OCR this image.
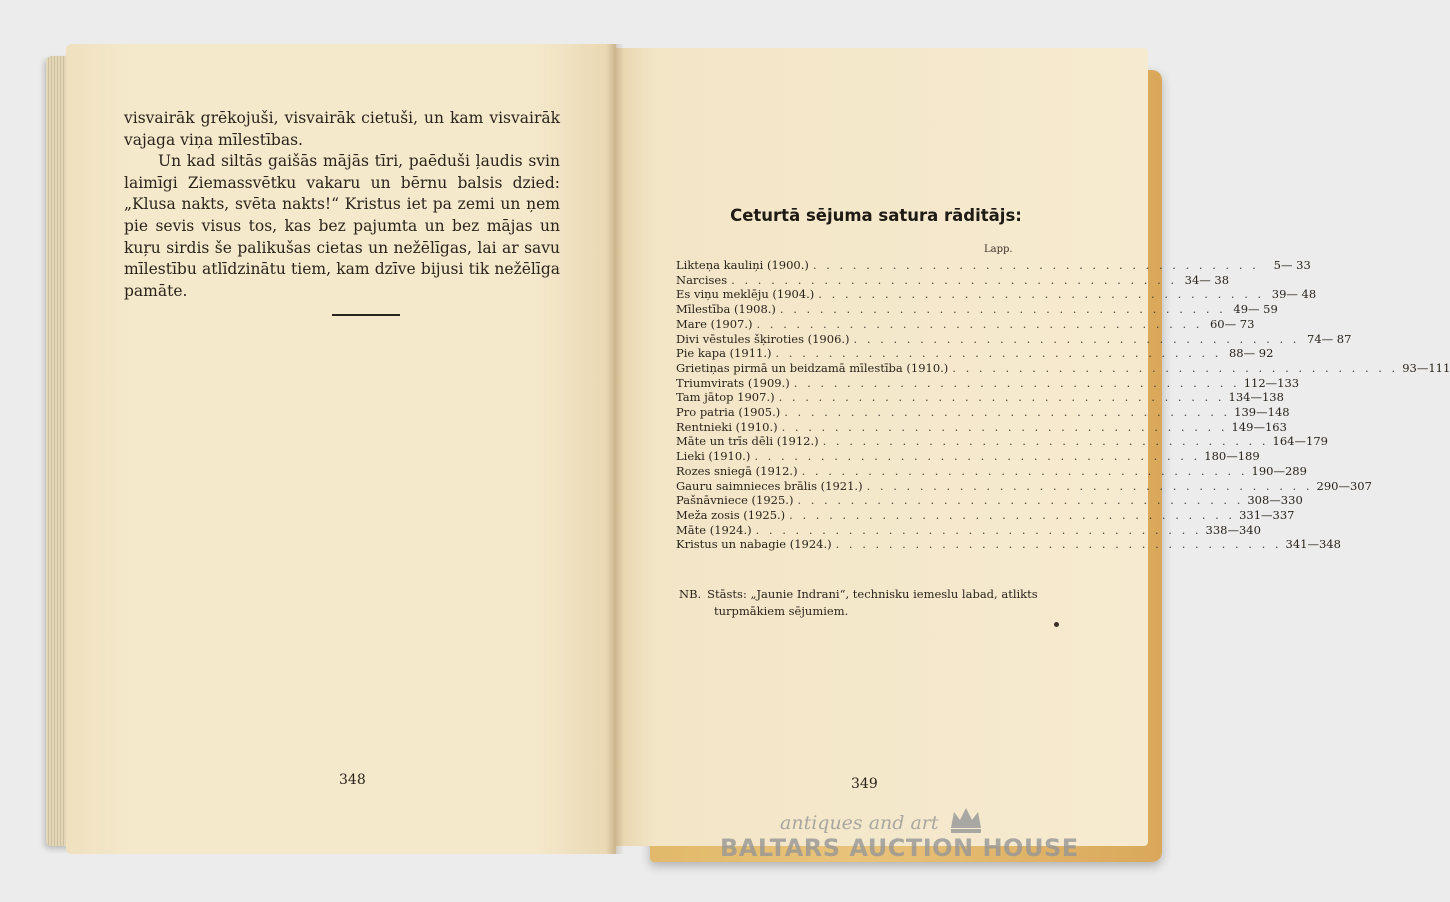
visvairāk grēkojuši, visvairāk cietuši, un kam visvairāk vajaga viņa mīlestības.

Un kad siltās gaišās mājās tīri, paēduši ļaudis svin laimīgi Ziemassvētku vakaru un bērnu balsis dzied: „Klusa nakts, svēta nakts!“ Kristus iet pa zemi un ņem pie sevis visus tos, kas bez pajumta un bez mājas un kuŗu sirdis še palikušas cietas un nežēlīgas, lai ar savu mīlestību atlīdzinātu tiem, kam dzīve bijusi tik nežēlīga pamāte.

348
Ceturtā sējuma satura rāditājs:
Lapp.
Likteņa kauliņi (1900.) . . . . . . . . . . . . . . . . . . . . . . . . . . . . . . . . . .	5— 33
Narcises . . . . . . . . . . . . . . . . . . . . . . . . . . . . . . . . . . 34— 38
Es viņu meklēju (1904.) . . . . . . . . . . . . . . . . . . . . . . . . . . . . . . . . . . 39— 48
Mīlestība (1908.) . . . . . . . . . . . . . . . . . . . . . . . . . . . . . . . . . . 49— 59
Mare (1907.) . . . . . . . . . . . . . . . . . . . . . . . . . . . . . . . . . . 60— 73
Divi vēstules šķiroties (1906.) . . . . . . . . . . . . . . . . . . . . . . . . . . . . . . . . . . 74— 87
Pie kapa (1911.) . . . . . . . . . . . . . . . . . . . . . . . . . . . . . . . . . . 88— 92
Grietiņas pirmā un beidzamā mīlestība (1910.) . . . . . . . . . . . . . . . . . . . . . . . . . . . . . . . . . . 93—111
Triumvirats (1909.) . . . . . . . . . . . . . . . . . . . . . . . . . . . . . . . . . . 112—133
Tam jātop 1907.) . . . . . . . . . . . . . . . . . . . . . . . . . . . . . . . . . . 134—138
Pro patria (1905.) . . . . . . . . . . . . . . . . . . . . . . . . . . . . . . . . . . 139—148
Rentnieki (1910.) . . . . . . . . . . . . . . . . . . . . . . . . . . . . . . . . . . 149—163
Māte un trīs dēli (1912.) . . . . . . . . . . . . . . . . . . . . . . . . . . . . . . . . . . 164—179
Lieki (1910.) . . . . . . . . . . . . . . . . . . . . . . . . . . . . . . . . . . 180—189
Rozes sniegā (1912.) . . . . . . . . . . . . . . . . . . . . . . . . . . . . . . . . . . 190—289
Gauru saimnieces brālis (1921.) . . . . . . . . . . . . . . . . . . . . . . . . . . . . . . . . . . 290—307
Pašnāvniece (1925.) . . . . . . . . . . . . . . . . . . . . . . . . . . . . . . . . . . 308—330
Meža zosis (1925.) . . . . . . . . . . . . . . . . . . . . . . . . . . . . . . . . . . 331—337
Māte (1924.) . . . . . . . . . . . . . . . . . . . . . . . . . . . . . . . . . . 338—340
Kristus un nabagie (1924.) . . . . . . . . . . . . . . . . . . . . . . . . . . . . . . . . . . 341—348
NB. Stāsts: „Jaunie Indrani“, technisku iemeslu labad, atlikts
turpmākiem sējumiem.
349
antiques and art
BALTARS AUCTION HOUSE
